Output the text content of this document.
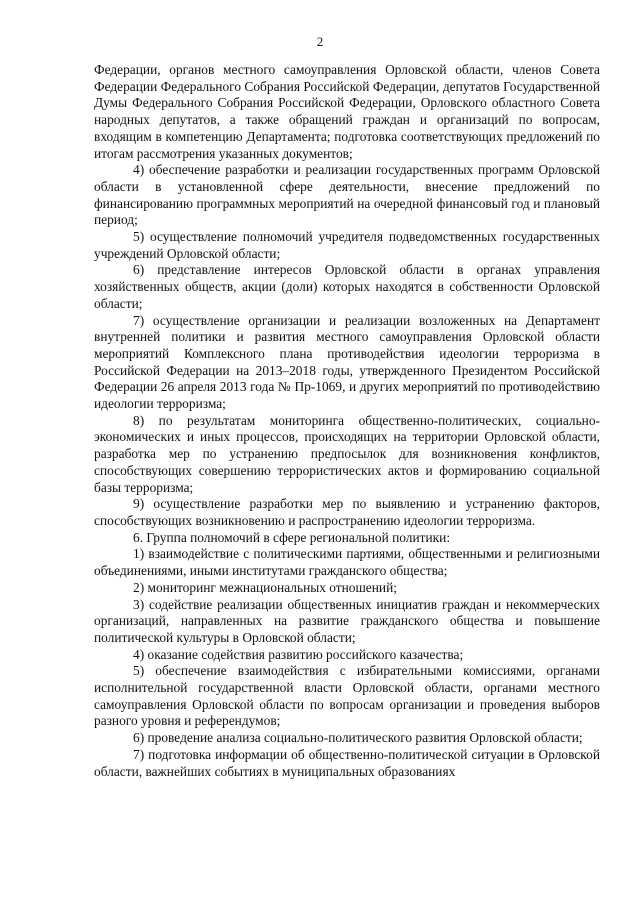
2

Федерации, органов местного самоуправления Орловской области, членов Совета Федерации Федерального Собрания Российской Федерации, депутатов Государственной Думы Федерального Собрания Российской Федерации, Орловского областного Совета народных депутатов, а также обращений граждан и организаций по вопросам, входящим в компетенцию Департамента; подготовка соответствующих предложений по итогам рассмотрения указанных документов;

4) обеспечение разработки и реализации государственных программ Орловской области в установленной сфере деятельности, внесение предложений по финансированию программных мероприятий на очередной финансовый год и плановый период;

5) осуществление полномочий учредителя подведомственных государственных учреждений Орловской области;

6) представление интересов Орловской области в органах управления хозяйственных обществ, акции (доли) которых находятся в собственности Орловской области;

7) осуществление организации и реализации возложенных на Департамент внутренней политики и развития местного самоуправления Орловской области мероприятий Комплексного плана противодействия идеологии терроризма в Российской Федерации на 2013–2018 годы, утвержденного Президентом Российской Федерации 26 апреля 2013 года № Пр-1069, и других мероприятий по противодействию идеологии терроризма;

8) по результатам мониторинга общественно-политических, социально-экономических и иных процессов, происходящих на территории Орловской области, разработка мер по устранению предпосылок для возникновения конфликтов, способствующих совершению террористических актов и формированию социальной базы терроризма;

9) осуществление разработки мер по выявлению и устранению факторов, способствующих возникновению и распространению идеологии терроризма.

6. Группа полномочий в сфере региональной политики:

1) взаимодействие с политическими партиями, общественными и религиозными объединениями, иными институтами гражданского общества;

2) мониторинг межнациональных отношений;

3) содействие реализации общественных инициатив граждан и некоммерческих организаций, направленных на развитие гражданского общества и повышение политической культуры в Орловской области;

4) оказание содействия развитию российского казачества;

5) обеспечение взаимодействия с избирательными комиссиями, органами исполнительной государственной власти Орловской области, органами местного самоуправления Орловской области по вопросам организации и проведения выборов разного уровня и референдумов;

6) проведение анализа социально-политического развития Орловской области;

7) подготовка информации об общественно-политической ситуации в Орловской области, важнейших событиях в муниципальных образованиях
